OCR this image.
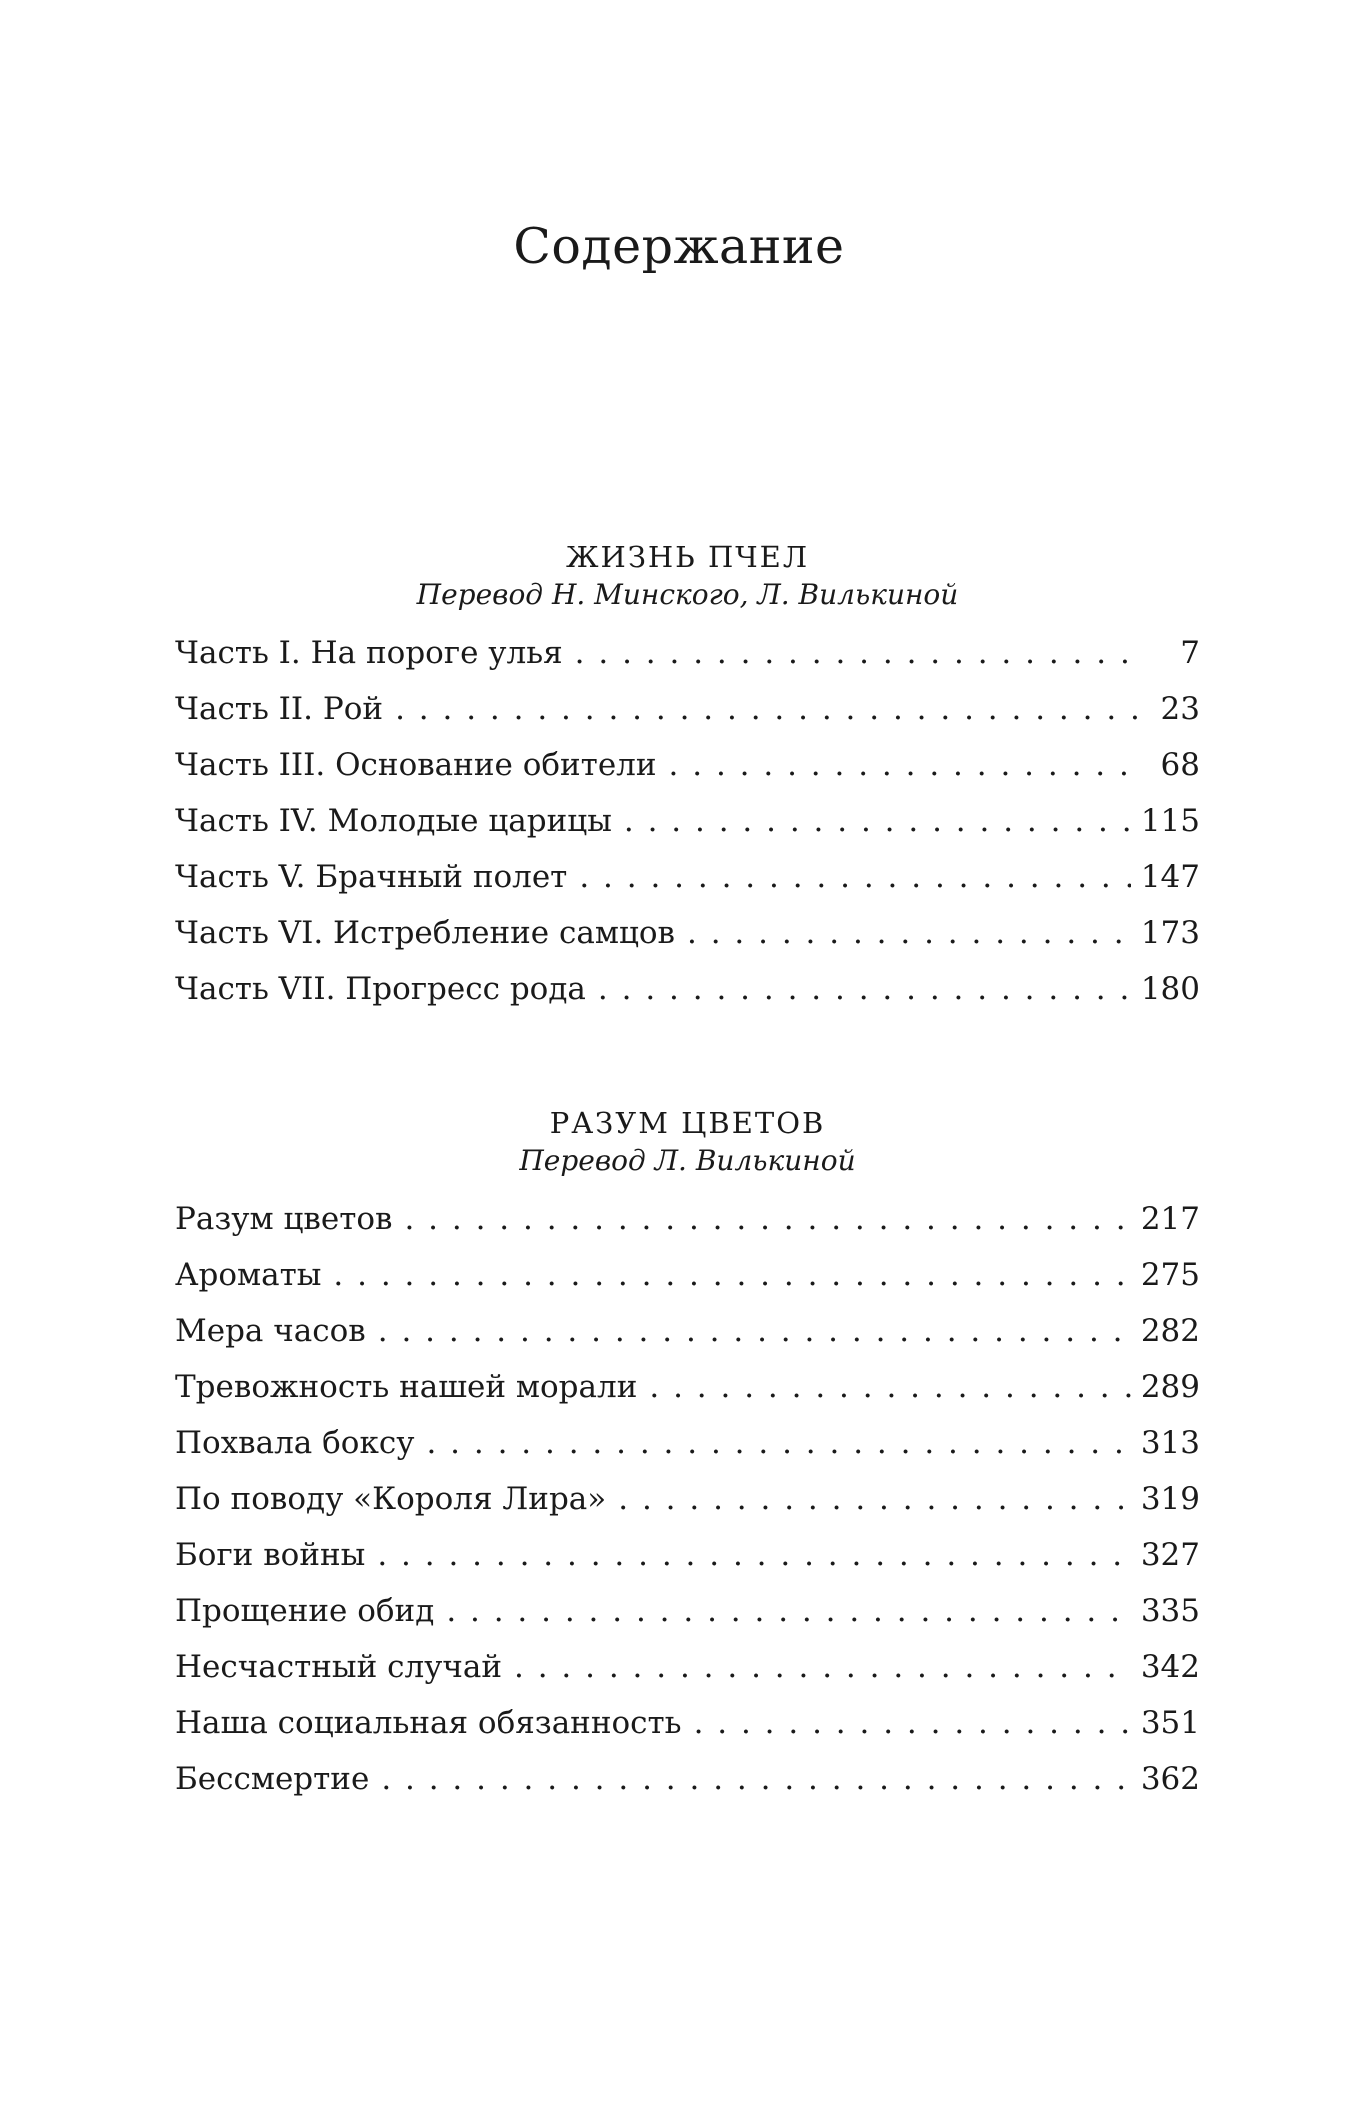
Содержание
ЖИЗНЬ ПЧЕЛ

Перевод Н. Минского, Л. Вилькиной

Часть I. На пороге улья . . .	7
Часть II. Рой . . .	23
Часть III. Основание обители . . .	68
Часть IV. Молодые царицы . . .	115
Часть V. Брачный полет . . .	147
Часть VI. Истребление самцов . . .	173
Часть VII. Прогресс рода . . .	180
РАЗУМ ЦВЕТОВ

Перевод Л. Вилькиной

Разум цветов . . .	217
Ароматы . . .	275
Мера часов . . .	282
Тревожность нашей морали . . .	289
Похвала боксу . . .	313
По поводу «Короля Лира» . . .	319
Боги войны . . .	327
Прощение обид . . .	335
Несчастный случай . . .	342
Наша социальная обязанность . . .	351
Бессмертие . . .	362
